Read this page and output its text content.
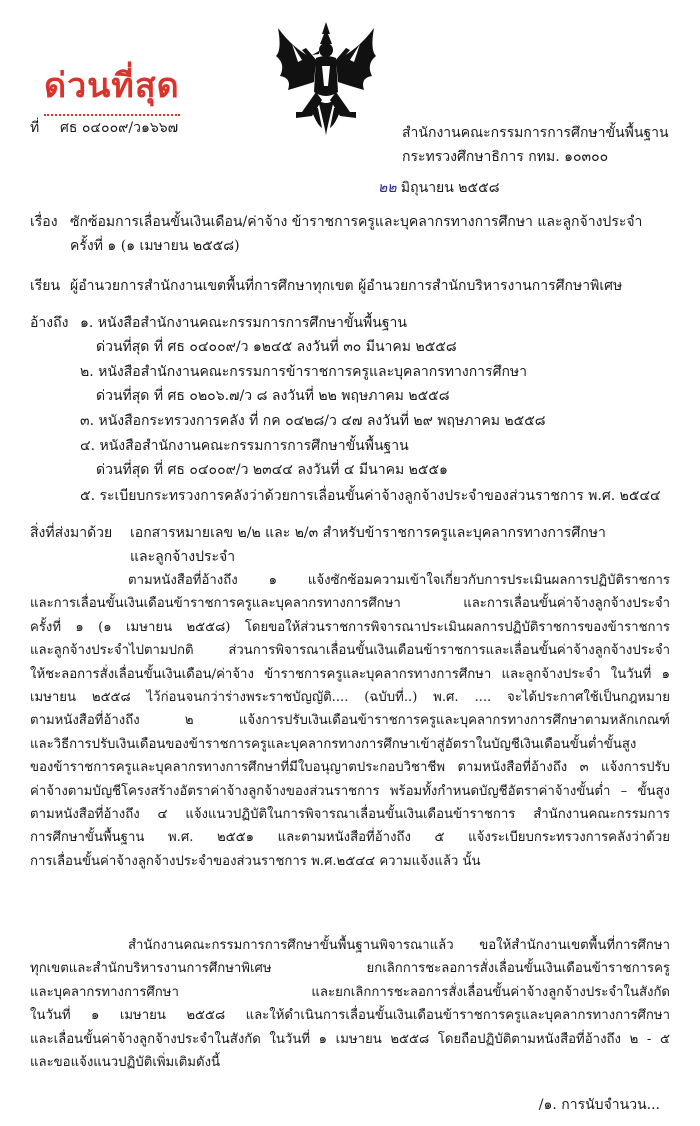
ด่วนที่สุด
ที่ ศธ ๐๔๐๐๙/ว๑๖๖๗	สำนักงานคณะกรรมการการศึกษาขั้นพื้นฐาน
กระทรวงศึกษาธิการ กทม. ๑๐๓๐๐
๒๒ มิถุนายน ๒๕๕๘
เรื่อง ซักซ้อมการเลื่อนขั้นเงินเดือน/ค่าจ้าง ข้าราชการครูและบุคลากรทางการศึกษา และลูกจ้างประจำ
ครั้งที่ ๑ (๑ เมษายน ๒๕๕๘)
เรียน ผู้อำนวยการสำนักงานเขตพื้นที่การศึกษาทุกเขต ผู้อำนวยการสำนักบริหารงานการศึกษาพิเศษ
อ้างถึง ๑. หนังสือสำนักงานคณะกรรมการการศึกษาขั้นพื้นฐาน
ด่วนที่สุด ที่ ศธ ๐๔๐๐๙/ว ๑๒๔๕ ลงวันที่ ๓๐ มีนาคม ๒๕๕๘
๒. หนังสือสำนักงานคณะกรรมการข้าราชการครูและบุคลากรทางการศึกษา
ด่วนที่สุด ที่ ศธ ๐๒๐๖.๗/ว ๘ ลงวันที่ ๒๒ พฤษภาคม ๒๕๕๘
๓. หนังสือกระทรวงการคลัง ที่ กค ๐๔๒๘/ว ๔๗ ลงวันที่ ๒๙ พฤษภาคม ๒๕๕๘
๔. หนังสือสำนักงานคณะกรรมการการศึกษาขั้นพื้นฐาน
ด่วนที่สุด ที่ ศธ ๐๔๐๐๙/ว ๒๓๔๔ ลงวันที่ ๔ มีนาคม ๒๕๕๑
๕. ระเบียบกระทรวงการคลังว่าด้วยการเลื่อนขั้นค่าจ้างลูกจ้างประจำของส่วนราชการ พ.ศ. ๒๕๔๔
สิ่งที่ส่งมาด้วย เอกสารหมายเลข ๒/๒ และ ๒/๓ สำหรับข้าราชการครูและบุคลากรทางการศึกษา
และลูกจ้างประจำ
ตามหนังสือที่อ้างถึง ๑ แจ้งซักซ้อมความเข้าใจเกี่ยวกับการประเมินผลการปฏิบัติราชการ
และการเลื่อนขั้นเงินเดือนข้าราชการครูและบุคลากรทางการศึกษา และการเลื่อนขั้นค่าจ้างลูกจ้างประจำ
ครั้งที่ ๑ (๑ เมษายน ๒๕๕๘) โดยขอให้ส่วนราชการพิจารณาประเมินผลการปฏิบัติราชการของข้าราชการ
และลูกจ้างประจำไปตามปกติ ส่วนการพิจารณาเลื่อนขั้นเงินเดือนข้าราชการและเลื่อนขั้นค่าจ้างลูกจ้างประจำ
ให้ชะลอการสั่งเลื่อนขั้นเงินเดือน/ค่าจ้าง ข้าราชการครูและบุคลากรทางการศึกษา และลูกจ้างประจำ ในวันที่ ๑
เมษายน ๒๕๕๘ ไว้ก่อนจนกว่าร่างพระราชบัญญัติ.... (ฉบับที่..) พ.ศ. .... จะได้ประกาศใช้เป็นกฎหมาย
ตามหนังสือที่อ้างถึง ๒ แจ้งการปรับเงินเดือนข้าราชการครูและบุคลากรทางการศึกษาตามหลักเกณฑ์
และวิธีการปรับเงินเดือนของข้าราชการครูและบุคลากรทางการศึกษาเข้าสู่อัตราในบัญชีเงินเดือนขั้นต่ำขั้นสูง
ของข้าราชการครูและบุคลากรทางการศึกษาที่มีใบอนุญาตประกอบวิชาชีพ ตามหนังสือที่อ้างถึง ๓ แจ้งการปรับ
ค่าจ้างตามบัญชีโครงสร้างอัตราค่าจ้างลูกจ้างของส่วนราชการ พร้อมทั้งกำหนดบัญชีอัตราค่าจ้างขั้นต่ำ – ขั้นสูง
ตามหนังสือที่อ้างถึง ๔ แจ้งแนวปฏิบัติในการพิจารณาเลื่อนขั้นเงินเดือนข้าราชการ สำนักงานคณะกรรมการ
การศึกษาขั้นพื้นฐาน พ.ศ. ๒๕๕๑ และตามหนังสือที่อ้างถึง ๕ แจ้งระเบียบกระทรวงการคลังว่าด้วย
การเลื่อนขั้นค่าจ้างลูกจ้างประจำของส่วนราชการ พ.ศ.๒๕๔๔ ความแจ้งแล้ว นั้น
สำนักงานคณะกรรมการการศึกษาขั้นพื้นฐานพิจารณาแล้ว ขอให้สำนักงานเขตพื้นที่การศึกษา
ทุกเขตและสำนักบริหารงานการศึกษาพิเศษ ยกเลิกการชะลอการสั่งเลื่อนขั้นเงินเดือนข้าราชการครู
และบุคลากรทางการศึกษา และยกเลิกการชะลอการสั่งเลื่อนขั้นค่าจ้างลูกจ้างประจำในสังกัด
ในวันที่ ๑ เมษายน ๒๕๕๘ และให้ดำเนินการเลื่อนขั้นเงินเดือนข้าราชการครูและบุคลากรทางการศึกษา
และเลื่อนขั้นค่าจ้างลูกจ้างประจำในสังกัด ในวันที่ ๑ เมษายน ๒๕๕๘ โดยถือปฏิบัติตามหนังสือที่อ้างถึง ๒ - ๕
และขอแจ้งแนวปฏิบัติเพิ่มเติมดังนี้
/๑. การนับจำนวน...
